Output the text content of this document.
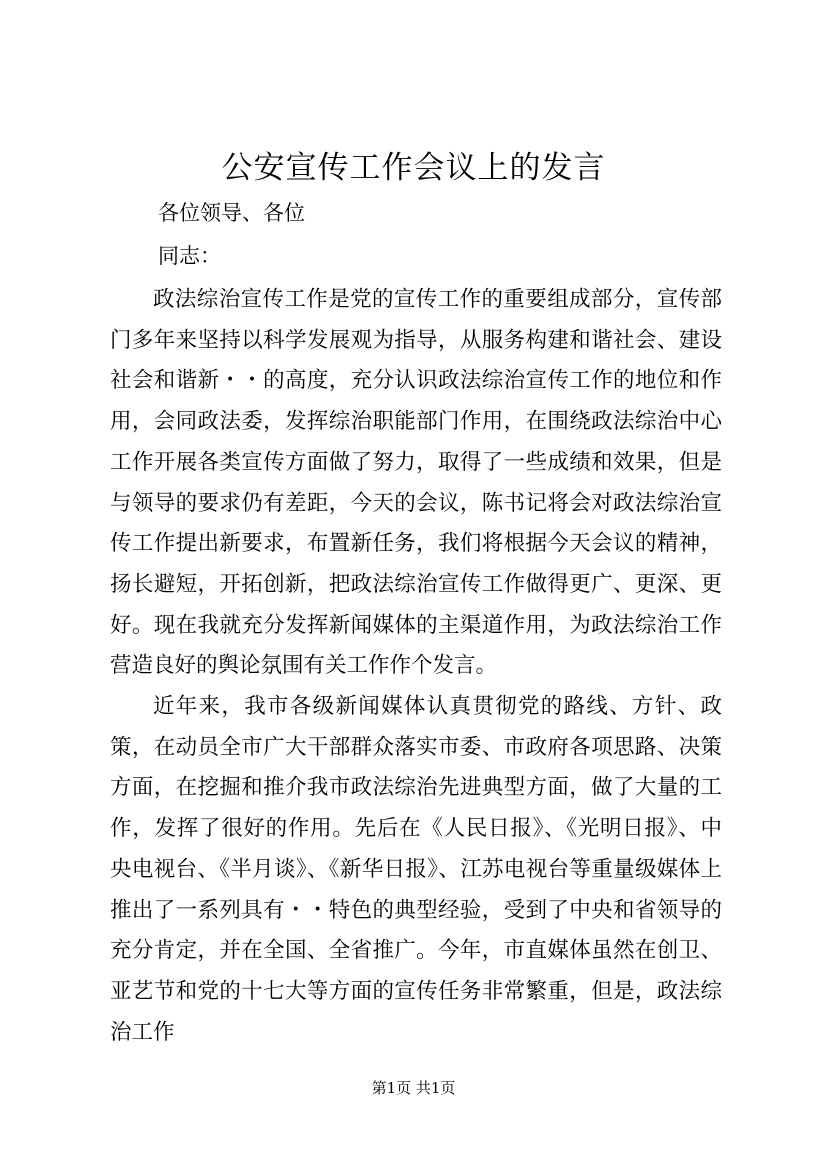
公安宣传工作会议上的发言
各位领导、各位
同志：

政法综治宣传工作是党的宣传工作的重要组成部分，宣传部门多年来坚持以科学发展观为指导，从服务构建和谐社会、建设社会和谐新・・的高度，充分认识政法综治宣传工作的地位和作用，会同政法委，发挥综治职能部门作用，在围绕政法综治中心工作开展各类宣传方面做了努力，取得了一些成绩和效果，但是与领导的要求仍有差距，今天的会议，陈书记将会对政法综治宣传工作提出新要求，布置新任务，我们将根据今天会议的精神，扬长避短，开拓创新，把政法综治宣传工作做得更广、更深、更好。现在我就充分发挥新闻媒体的主渠道作用，为政法综治工作营造良好的舆论氛围有关工作作个发言。

近年来，我市各级新闻媒体认真贯彻党的路线、方针、政策，在动员全市广大干部群众落实市委、市政府各项思路、决策方面，在挖掘和推介我市政法综治先进典型方面，做了大量的工作，发挥了很好的作用。先后在《人民日报》、《光明日报》、中央电视台、《半月谈》、《新华日报》、江苏电视台等重量级媒体上推出了一系列具有・・特色的典型经验，受到了中央和省领导的充分肯定，并在全国、全省推广。今年，市直媒体虽然在创卫、亚艺节和党的十七大等方面的宣传任务非常繁重，但是，政法综治工作

第1页 共1页
